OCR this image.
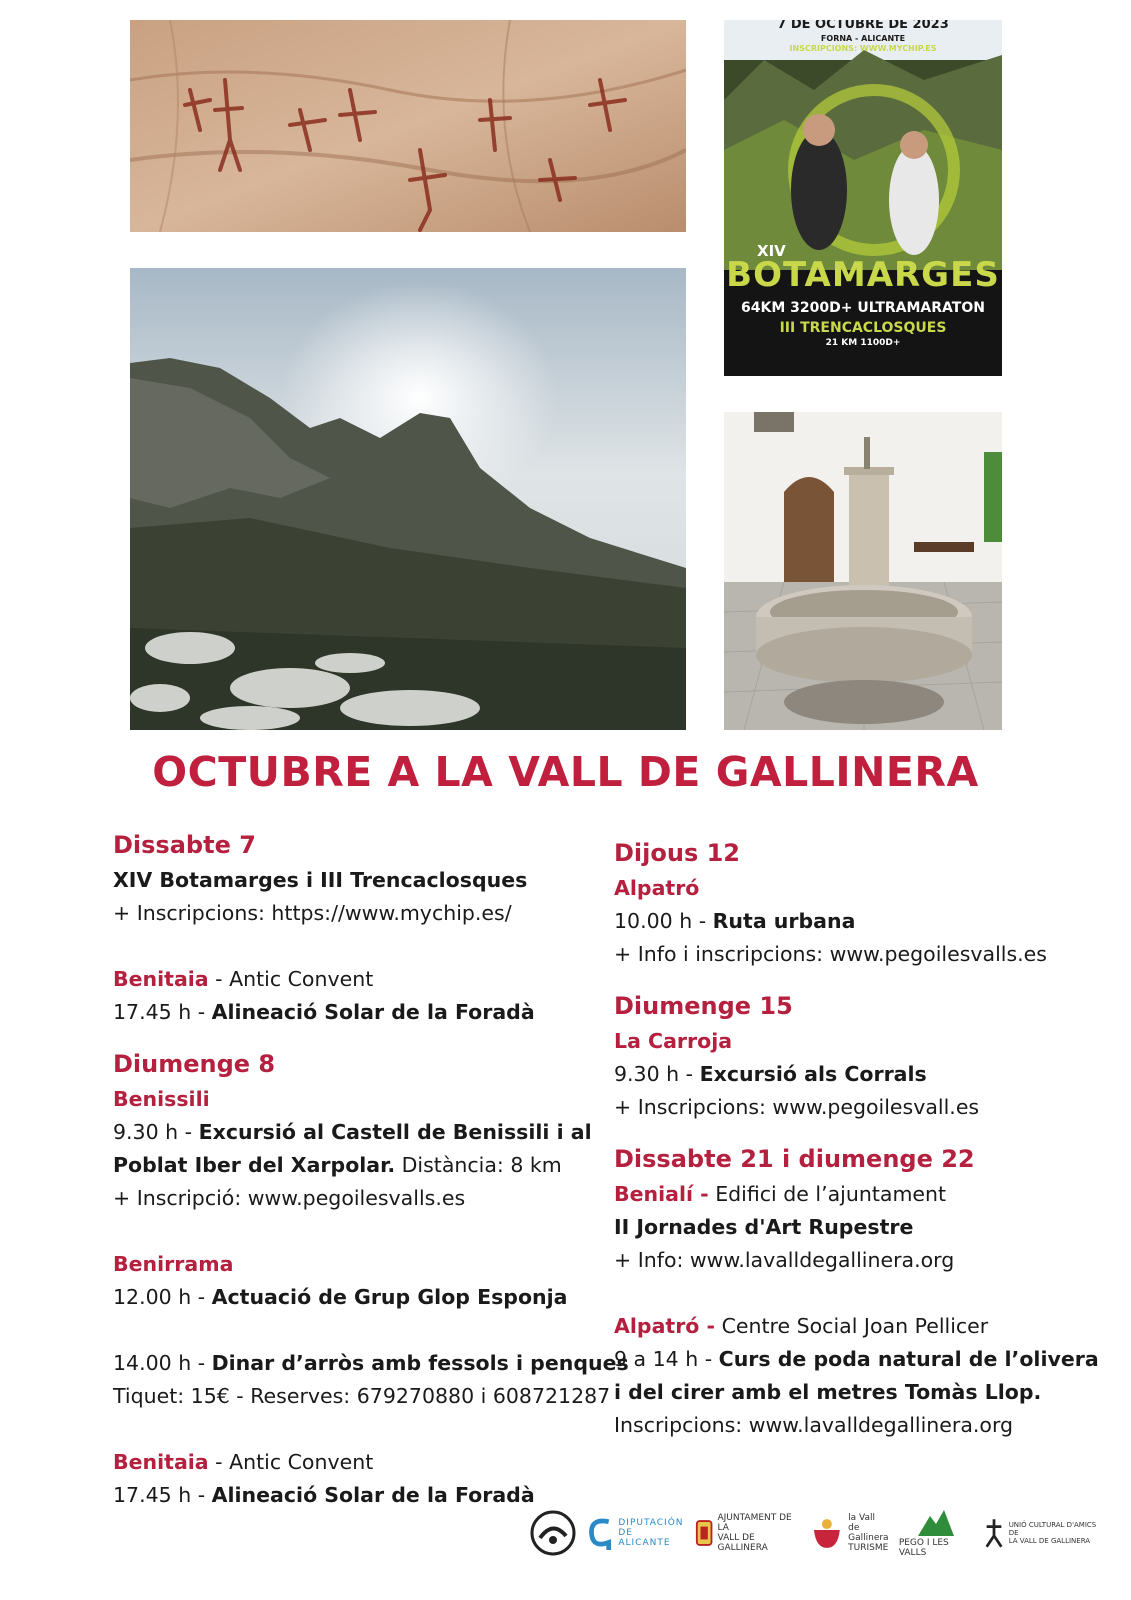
7 DE OCTUBRE DE 2023
FORNA - ALICANTE
INSCRIPCIONS: WWW.MYCHIP.ES
XIV
BOTAMARGES
64KM 3200D+ ULTRAMARATON
III TRENCACLOSQUES
21 KM 1100D+
OCTUBRE A LA VALL DE GALLINERA
Dissabte 7
XIV Botamarges i III Trencaclosques
+ Inscripcions: https://www.mychip.es/
Benitaia - Antic Convent
17.45 h - Alineació Solar de la Foradà
Diumenge 8
Benissili
9.30 h - Excursió al Castell de Benissili i al
Poblat Iber del Xarpolar. Distància: 8 km
+ Inscripció: www.pegoilesvalls.es
Benirrama
12.00 h - Actuació de Grup Glop Esponja
14.00 h - Dinar d’arròs amb fessols i penques
Tiquet: 15€ - Reserves: 679270880 i 608721287
Benitaia - Antic Convent
17.45 h - Alineació Solar de la Foradà
Dijous 12
Alpatró
10.00 h - Ruta urbana
+ Info i inscripcions: www.pegoilesvalls.es
Diumenge 15
La Carroja
9.30 h - Excursió als Corrals
+ Inscripcions: www.pegoilesvall.es
Dissabte 21 i diumenge 22
Benialí - Edifici de l’ajuntament
II Jornades d'Art Rupestre
+ Info: www.lavalldegallinera.org
Alpatró - Centre Social Joan Pellicer
9 a 14 h - Curs de poda natural de l’olivera
i del cirer amb el metres Tomàs Llop.
Inscripcions: www.lavalldegallinera.org
DIPUTACIÓN
DE ALICANTE
AJUNTAMENT DE LA
VALL DE GALLINERA
la Vall de
Gallinera
TURISME PEGO I LES VALLS
UNIÓ CULTURAL D'AMICS DE
LA VALL DE GALLINERA
